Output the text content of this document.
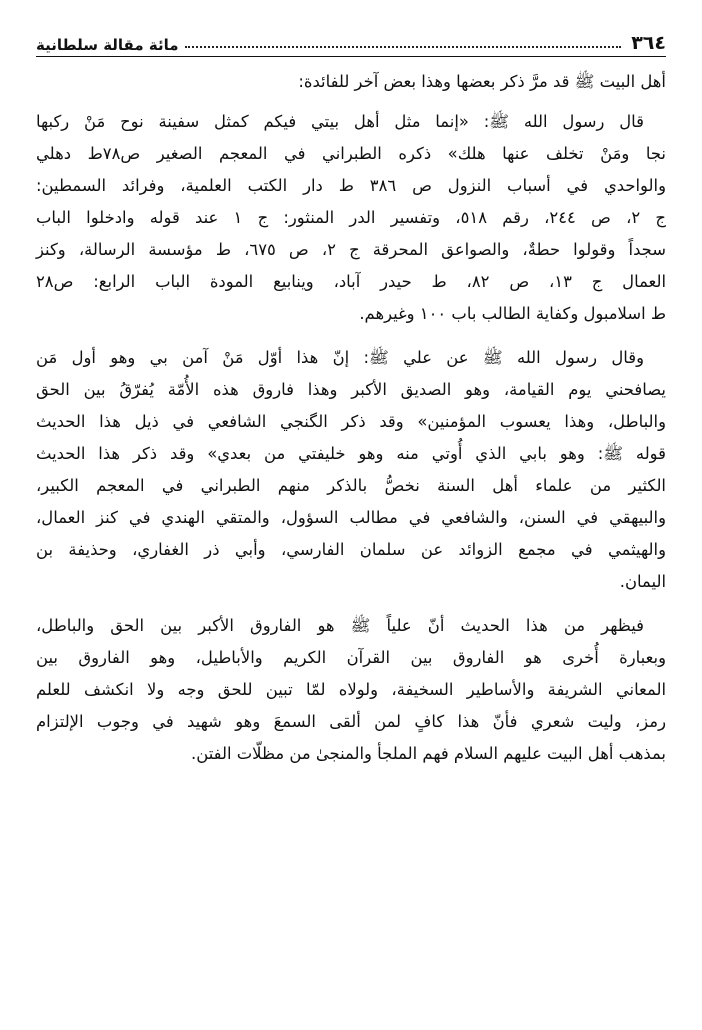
٣٦٤
مائة مقالة سلطانية

أهل البيت ﷺ قد مرَّ ذكر بعضها وهذا بعض آخر للفائدة:

قال رسول الله ﷺ: «إنما مثل أهل بيتي فيكم كمثل سفينة نوح مَنْ ركبها
نجا ومَنْ تخلف عنها هلك» ذكره الطبراني في المعجم الصغير ص٧٨ط دهلي
والواحدي في أسباب النزول ص ٣٨٦ ط دار الكتب العلمية، وفرائد السمطين:
ج ٢، ص ٢٤٤، رقم ٥١٨، وتفسير الدر المنثور: ج ١ عند قوله وادخلوا الباب
سجداً وقولوا حطةٌ، والصواعق المحرقة ج ٢، ص ٦٧٥، ط مؤسسة الرسالة، وكنز
العمال ج ١٣، ص ٨٢، ط حيدر آباد، وينابيع المودة الباب الرابع: ص٢٨
ط اسلامبول وكفاية الطالب باب ١٠٠ وغيرهم.

وقال رسول الله ﷺ عن علي ﷺ: إنّ هذا أوّل مَنْ آمن بي وهو أول مَن
يصافحني يوم القيامة، وهو الصديق الأكبر وهذا فاروق هذه الأُمّة يُفرّقُ بين الحق
والباطل، وهذا يعسوب المؤمنين» وقد ذكر الگنجي الشافعي في ذيل هذا الحديث
قوله ﷺ: وهو بابي الذي أُوتي منه وهو خليفتي من بعدي» وقد ذكر هذا الحديث
الكثير من علماء أهل السنة نخصُّ بالذكر منهم الطبراني في المعجم الكبير،
والبيهقي في السنن، والشافعي في مطالب السؤول، والمتقي الهندي في كنز العمال،
والهيثمي في مجمع الزوائد عن سلمان الفارسي، وأبي ذر الغفاري، وحذيفة بن
اليمان.

فيظهر من هذا الحديث أنّ علياً ﷺ هو الفاروق الأكبر بين الحق والباطل،
وبعبارة أُخرى هو الفاروق بين القرآن الكريم والأباطيل، وهو الفاروق بين
المعاني الشريفة والأساطير السخيفة، ولولاه لمّا تبين للحق وجه ولا انكشف للعلم
رمز، وليت شعري فأنّ هذا كافٍ لمن ألقى السمعَ وهو شهيد في وجوب الإلتزام
بمذهب أهل البيت عليهم السلام فهم الملجأ والمنجىٰ من مظلّات الفتن.
